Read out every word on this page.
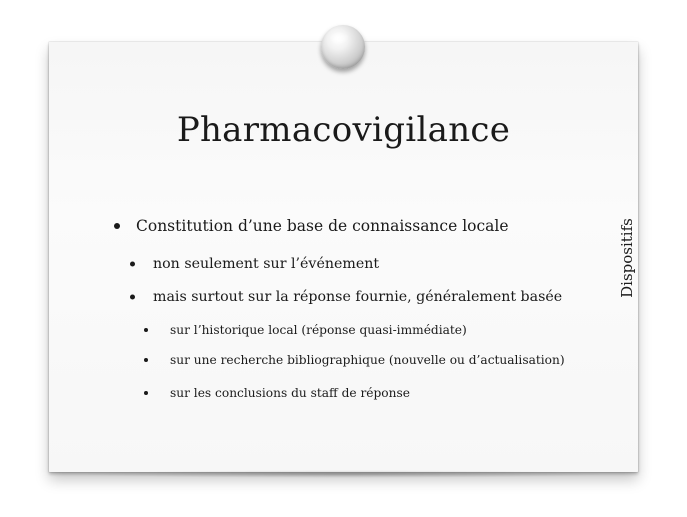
Pharmacovigilance
Dispositifs
Constitution d’une base de connaissance locale
non seulement sur l’événement
mais surtout sur la réponse fournie, généralement basée
sur l’historique local (réponse quasi-immédiate)
sur une recherche bibliographique (nouvelle ou d’actualisation)
sur les conclusions du staff de réponse
